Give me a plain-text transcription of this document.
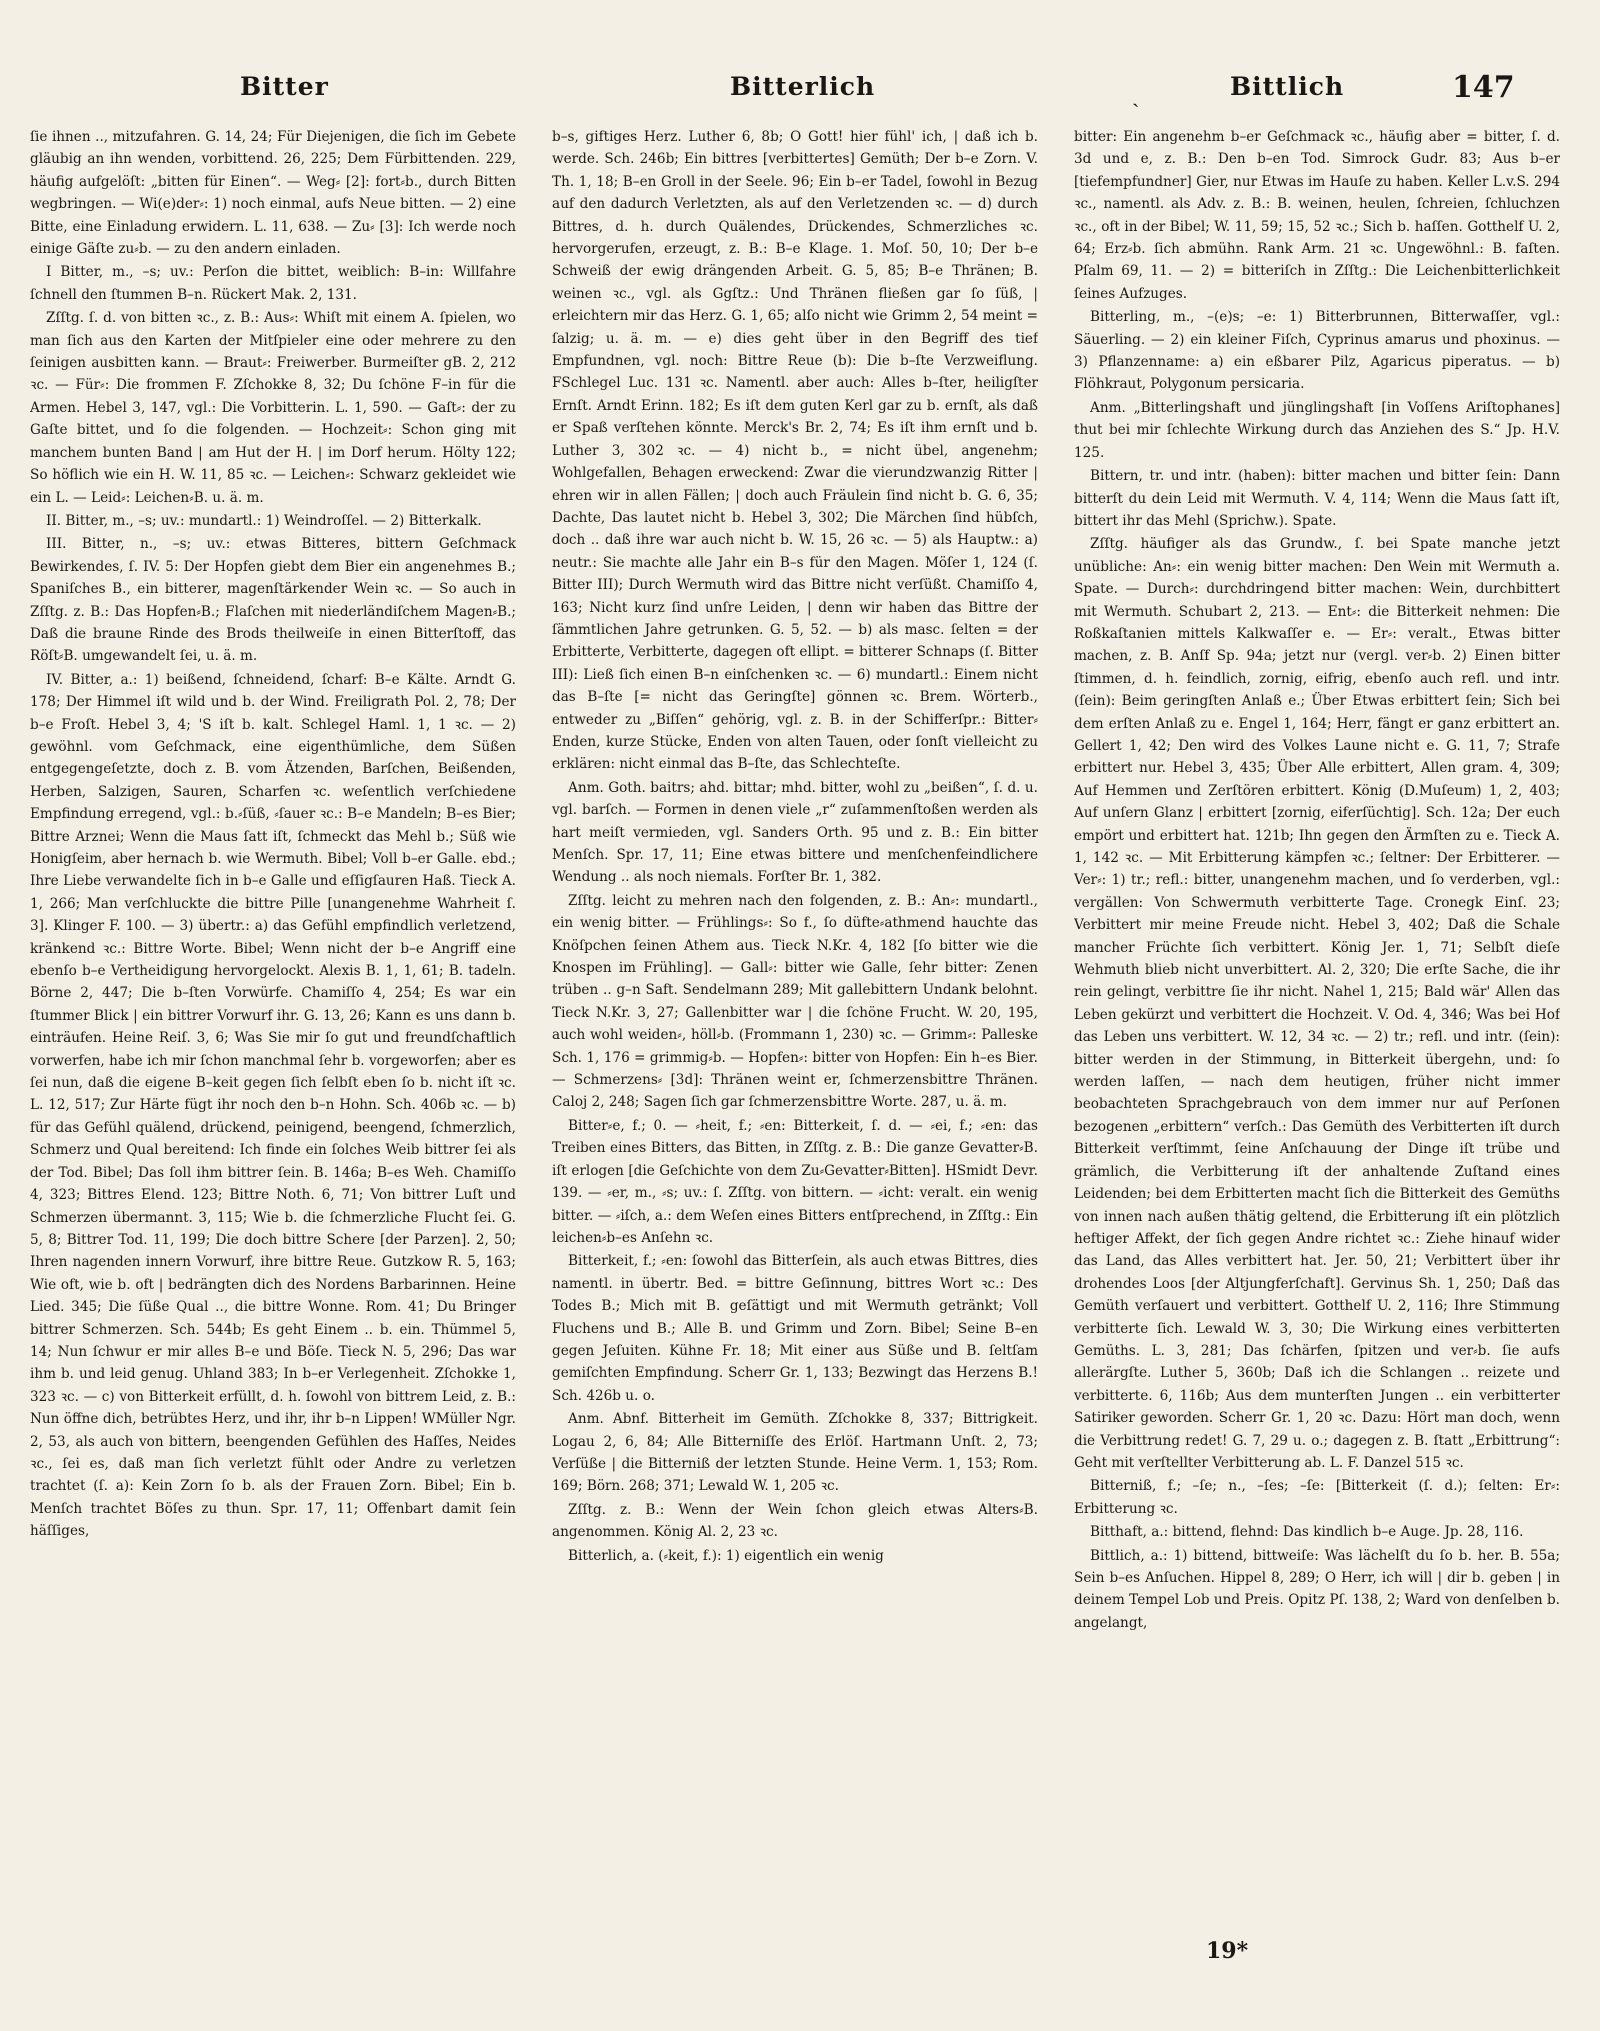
Bitter	Bitterlich	ˏ	Bittlich	147

ſie ihnen .., mitzufahren. G. 14, 24; Für Diejenigen, die ſich im Gebete gläubig an ihn wenden, vorbittend. 26, 225; Dem Fürbittenden. 229, häufig aufgelöſt: „bitten für Einen“. — Weg⸗ [2]: fort⸗b., durch Bitten wegbringen. — Wi(e)der⸗: 1) noch einmal, aufs Neue bitten. — 2) eine Bitte, eine Einladung erwidern. L. 11, 638. — Zu⸗ [3]: Ich werde noch einige Gäſte zu⸗b. — zu den andern einladen.

I Bitter, m., –s; uv.: Perſon die bittet, weiblich: B–in: Willfahre ſchnell den ſtummen B–n. Rückert Mak. 2, 131.

Zſſtg. ſ. d. von bitten ꝛc., z. B.: Aus⸗: Whiſt mit einem A. ſpielen, wo man ſich aus den Karten der Mitſpieler eine oder mehrere zu den ſeinigen ausbitten kann. — Braut⸗: Freiwerber. Burmeiſter gB. 2, 212 ꝛc. — Für⸗: Die frommen F. Zſchokke 8, 32; Du ſchöne F–in für die Armen. Hebel 3, 147, vgl.: Die Vorbitterin. L. 1, 590. — Gaſt⸗: der zu Gaſte bittet, und ſo die folgenden. — Hochzeit⸗: Schon ging mit manchem bunten Band | am Hut der H. | im Dorf herum. Hölty 122; So höflich wie ein H. W. 11, 85 ꝛc. — Leichen⸗: Schwarz gekleidet wie ein L. — Leid⸗: Leichen⸗B. u. ä. m.

II. Bitter, m., –s; uv.: mundartl.: 1) Weindroſſel. — 2) Bitterkalk.

III. Bitter, n., –s; uv.: etwas Bitteres, bittern Geſchmack Bewirkendes, ſ. IV. 5: Der Hopfen giebt dem Bier ein angenehmes B.; Spaniſches B., ein bitterer, magenſtärkender Wein ꝛc. — So auch in Zſſtg. z. B.: Das Hopfen⸗B.; Flaſchen mit niederländiſchem Magen⸗B.; Daß die braune Rinde des Brods theilweiſe in einen Bitterſtoff, das Röſt⸗B. umgewandelt ſei, u. ä. m.

IV. Bitter, a.: 1) beißend, ſchneidend, ſcharf: B–e Kälte. Arndt G. 178; Der Himmel iſt wild und b. der Wind. Freiligrath Pol. 2, 78; Der b–e Froſt. Hebel 3, 4; 'S iſt b. kalt. Schlegel Haml. 1, 1 ꝛc. — 2) gewöhnl. vom Geſchmack, eine eigenthümliche, dem Süßen entgegengeſetzte, doch z. B. vom Ätzenden, Barſchen, Beißenden, Herben, Salzigen, Sauren, Scharfen ꝛc. weſentlich verſchiedene Empfindung erregend, vgl.: b.⸗ſüß, ⸗ſauer ꝛc.: B–e Mandeln; B–es Bier; Bittre Arznei; Wenn die Maus ſatt iſt, ſchmeckt das Mehl b.; Süß wie Honigſeim, aber hernach b. wie Wermuth. Bibel; Voll b–er Galle. ebd.; Ihre Liebe verwandelte ſich in b–e Galle und eſſigſauren Haß. Tieck A. 1, 266; Man verſchluckte die bittre Pille [unangenehme Wahrheit ſ. 3]. Klinger F. 100. — 3) übertr.: a) das Gefühl empfindlich verletzend, kränkend ꝛc.: Bittre Worte. Bibel; Wenn nicht der b–e Angriff eine ebenſo b–e Vertheidigung hervorgelockt. Alexis B. 1, 1, 61; B. tadeln. Börne 2, 447; Die b–ſten Vorwürfe. Chamiſſo 4, 254; Es war ein ſtummer Blick | ein bittrer Vorwurf ihr. G. 13, 26; Kann es uns dann b. einträufen. Heine Reiſ. 3, 6; Was Sie mir ſo gut und freundſchaftlich vorwerfen, habe ich mir ſchon manchmal ſehr b. vorgeworfen; aber es ſei nun, daß die eigene B–keit gegen ſich ſelbſt eben ſo b. nicht iſt ꝛc. L. 12, 517; Zur Härte fügt ihr noch den b–n Hohn. Sch. 406b ꝛc. — b) für das Gefühl quälend, drückend, peinigend, beengend, ſchmerzlich, Schmerz und Qual bereitend: Ich finde ein ſolches Weib bittrer ſei als der Tod. Bibel; Das ſoll ihm bittrer ſein. B. 146a; B–es Weh. Chamiſſo 4, 323; Bittres Elend. 123; Bittre Noth. 6, 71; Von bittrer Luſt und Schmerzen übermannt. 3, 115; Wie b. die ſchmerzliche Flucht ſei. G. 5, 8; Bittrer Tod. 11, 199; Die doch bittre Schere [der Parzen]. 2, 50; Ihren nagenden innern Vorwurf, ihre bittre Reue. Gutzkow R. 5, 163; Wie oft, wie b. oft | bedrängten dich des Nordens Barbarinnen. Heine Lied. 345; Die ſüße Qual .., die bittre Wonne. Rom. 41; Du Bringer bittrer Schmerzen. Sch. 544b; Es geht Einem .. b. ein. Thümmel 5, 14; Nun ſchwur er mir alles B–e und Böſe. Tieck N. 5, 296; Das war ihm b. und leid genug. Uhland 383; In b–er Verlegenheit. Zſchokke 1, 323 ꝛc. — c) von Bitterkeit erfüllt, d. h. ſowohl von bittrem Leid, z. B.: Nun öffne dich, betrübtes Herz, und ihr, ihr b–n Lippen! WMüller Ngr. 2, 53, als auch von bittern, beengenden Gefühlen des Haſſes, Neides ꝛc., ſei es, daß man ſich verletzt fühlt oder Andre zu verletzen trachtet (ſ. a): Kein Zorn ſo b. als der Frauen Zorn. Bibel; Ein b. Menſch trachtet Böſes zu thun. Spr. 17, 11; Offenbart damit ſein häſſiges,

b–s, giftiges Herz. Luther 6, 8b; O Gott! hier fühl' ich, | daß ich b. werde. Sch. 246b; Ein bittres [verbittertes] Gemüth; Der b–e Zorn. V. Th. 1, 18; B–en Groll in der Seele. 96; Ein b–er Tadel, ſowohl in Bezug auf den dadurch Verletzten, als auf den Verletzenden ꝛc. — d) durch Bittres, d. h. durch Quälendes, Drückendes, Schmerzliches ꝛc. hervorgerufen, erzeugt, z. B.: B–e Klage. 1. Moſ. 50, 10; Der b–e Schweiß der ewig drängenden Arbeit. G. 5, 85; B–e Thränen; B. weinen ꝛc., vgl. als Ggſtz.: Und Thränen fließen gar ſo ſüß, | erleichtern mir das Herz. G. 1, 65; alſo nicht wie Grimm 2, 54 meint = ſalzig; u. ä. m. — e) dies geht über in den Begriff des tief Empfundnen, vgl. noch: Bittre Reue (b): Die b–ſte Verzweiflung. FSchlegel Luc. 131 ꝛc. Namentl. aber auch: Alles b–ſter, heiligſter Ernſt. Arndt Erinn. 182; Es iſt dem guten Kerl gar zu b. ernſt, als daß er Spaß verſtehen könnte. Merck's Br. 2, 74; Es iſt ihm ernſt und b. Luther 3, 302 ꝛc. — 4) nicht b., = nicht übel, angenehm; Wohlgefallen, Behagen erweckend: Zwar die vierundzwanzig Ritter | ehren wir in allen Fällen; | doch auch Fräulein ſind nicht b. G. 6, 35; Dachte, Das lautet nicht b. Hebel 3, 302; Die Märchen ſind hübſch, doch .. daß ihre war auch nicht b. W. 15, 26 ꝛc. — 5) als Hauptw.: a) neutr.: Sie machte alle Jahr ein B–s für den Magen. Möſer 1, 124 (ſ. Bitter III); Durch Wermuth wird das Bittre nicht verſüßt. Chamiſſo 4, 163; Nicht kurz ſind unſre Leiden, | denn wir haben das Bittre der ſämmtlichen Jahre getrunken. G. 5, 52. — b) als masc. ſelten = der Erbitterte, Verbitterte, dagegen oft ellipt. = bitterer Schnaps (ſ. Bitter III): Ließ ſich einen B–n einſchenken ꝛc. — 6) mundartl.: Einem nicht das B–ſte [= nicht das Geringſte] gönnen ꝛc. Brem. Wörterb., entweder zu „Biſſen“ gehörig, vgl. z. B. in der Schifferſpr.: Bitter⸗Enden, kurze Stücke, Enden von alten Tauen, oder ſonſt vielleicht zu erklären: nicht einmal das B–ſte, das Schlechteſte.

Anm. Goth. baitrs; ahd. bittar; mhd. bitter, wohl zu „beißen“, ſ. d. u. vgl. barſch. — Formen in denen viele „r“ zuſammenſtoßen werden als hart meiſt vermieden, vgl. Sanders Orth. 95 und z. B.: Ein bitter Menſch. Spr. 17, 11; Eine etwas bittere und menſchenfeindlichere Wendung .. als noch niemals. Forſter Br. 1, 382.

Zſſtg. leicht zu mehren nach den folgenden, z. B.: An⸗: mundartl., ein wenig bitter. — Frühlings⸗: So f., ſo düfte⸗athmend hauchte das Knöſpchen ſeinen Athem aus. Tieck N.Kr. 4, 182 [ſo bitter wie die Knospen im Frühling]. — Gall⸗: bitter wie Galle, ſehr bitter: Zenen trüben .. g–n Saft. Sendelmann 289; Mit gallebittern Undank belohnt. Tieck N.Kr. 3, 27; Gallenbitter war | die ſchöne Frucht. W. 20, 195, auch wohl weiden⸗, höll⸗b. (Frommann 1, 230) ꝛc. — Grimm⸗: Palleske Sch. 1, 176 = grimmig⸗b. — Hopfen⸗: bitter von Hopfen: Ein h–es Bier. — Schmerzens⸗ [3d]: Thränen weint er, ſchmerzensbittre Thränen. Caloj 2, 248; Sagen ſich gar ſchmerzensbittre Worte. 287, u. ä. m.

Bitter⸗e, f.; 0. — ⸗heit, f.; ⸗en: Bitterkeit, ſ. d. — ⸗ei, f.; ⸗en: das Treiben eines Bitters, das Bitten, in Zſſtg. z. B.: Die ganze Gevatter⸗B. iſt erlogen [die Geſchichte von dem Zu⸗Gevatter⸗Bitten]. HSmidt Devr. 139. — ⸗er, m., ⸗s; uv.: ſ. Zſſtg. von bittern. — ⸗icht: veralt. ein wenig bitter. — ⸗iſch, a.: dem Weſen eines Bitters entſprechend, in Zſſtg.: Ein leichen⸗b–es Anſehn ꝛc.

Bitterkeit, f.; ⸗en: ſowohl das Bitterſein, als auch etwas Bittres, dies namentl. in übertr. Bed. = bittre Geſinnung, bittres Wort ꝛc.: Des Todes B.; Mich mit B. geſättigt und mit Wermuth getränkt; Voll Fluchens und B.; Alle B. und Grimm und Zorn. Bibel; Seine B–en gegen Jeſuiten. Kühne Fr. 18; Mit einer aus Süße und B. ſeltſam gemiſchten Empfindung. Scherr Gr. 1, 133; Bezwingt das Herzens B.! Sch. 426b u. o.

Anm. Abnf. Bitterheit im Gemüth. Zſchokke 8, 337; Bittrigkeit. Logau 2, 6, 84; Alle Bitterniſſe des Erlöſ. Hartmann Unſt. 2, 73; Verſüße | die Bitterniß der letzten Stunde. Heine Verm. 1, 153; Rom. 169; Börn. 268; 371; Lewald W. 1, 205 ꝛc.

Zſſtg. z. B.: Wenn der Wein ſchon gleich etwas Alters⸗B. angenommen. König Al. 2, 23 ꝛc.

Bitterlich, a. (⸗keit, f.): 1) eigentlich ein wenig

bitter: Ein angenehm b–er Geſchmack ꝛc., häufig aber = bitter, ſ. d. 3d und e, z. B.: Den b–en Tod. Simrock Gudr. 83; Aus b–er [tiefempfundner] Gier, nur Etwas im Hauſe zu haben. Keller L.v.S. 294 ꝛc., namentl. als Adv. z. B.: B. weinen, heulen, ſchreien, ſchluchzen ꝛc., oft in der Bibel; W. 11, 59; 15, 52 ꝛc.; Sich b. haſſen. Gotthelf U. 2, 64; Erz⸗b. ſich abmühn. Rank Arm. 21 ꝛc. Ungewöhnl.: B. faſten. Pſalm 69, 11. — 2) = bitteriſch in Zſſtg.: Die Leichenbitterlichkeit ſeines Aufzuges.

Bitterling, m., –(e)s; –e: 1) Bitterbrunnen, Bitterwaſſer, vgl.: Säuerling. — 2) ein kleiner Fiſch, Cyprinus amarus und phoxinus. — 3) Pflanzenname: a) ein eßbarer Pilz, Agaricus piperatus. — b) Flöhkraut, Polygonum persicaria.

Anm. „Bitterlingshaft und jünglingshaft [in Voſſens Ariſtophanes] thut bei mir ſchlechte Wirkung durch das Anziehen des S.“ Jp. H.V. 125.

Bittern, tr. und intr. (haben): bitter machen und bitter ſein: Dann bitterſt du dein Leid mit Wermuth. V. 4, 114; Wenn die Maus ſatt iſt, bittert ihr das Mehl (Sprichw.). Spate.

Zſſtg. häufiger als das Grundw., ſ. bei Spate manche jetzt unübliche: An⸗: ein wenig bitter machen: Den Wein mit Wermuth a. Spate. — Durch⸗: durchdringend bitter machen: Wein, durchbittert mit Wermuth. Schubart 2, 213. — Ent⸗: die Bitterkeit nehmen: Die Roßkaſtanien mittels Kalkwaſſer e. — Er⸗: veralt., Etwas bitter machen, z. B. Anſf Sp. 94a; jetzt nur (vergl. ver⸗b. 2) Einen bitter ſtimmen, d. h. feindlich, zornig, eifrig, ebenſo auch refl. und intr. (ſein): Beim geringſten Anlaß e.; Über Etwas erbittert ſein; Sich bei dem erſten Anlaß zu e. Engel 1, 164; Herr, fängt er ganz erbittert an. Gellert 1, 42; Den wird des Volkes Laune nicht e. G. 11, 7; Strafe erbittert nur. Hebel 3, 435; Über Alle erbittert, Allen gram. 4, 309; Auf Hemmen und Zerſtören erbittert. König (D.Muſeum) 1, 2, 403; Auf unſern Glanz | erbittert [zornig, eiferſüchtig]. Sch. 12a; Der euch empört und erbittert hat. 121b; Ihn gegen den Ärmſten zu e. Tieck A. 1, 142 ꝛc. — Mit Erbitterung kämpfen ꝛc.; ſeltner: Der Erbitterer. — Ver⸗: 1) tr.; refl.: bitter, unangenehm machen, und ſo verderben, vgl.: vergällen: Von Schwermuth verbitterte Tage. Cronegk Einſ. 23; Verbittert mir meine Freude nicht. Hebel 3, 402; Daß die Schale mancher Früchte ſich verbittert. König Jer. 1, 71; Selbſt dieſe Wehmuth blieb nicht unverbittert. Al. 2, 320; Die erſte Sache, die ihr rein gelingt, verbittre ſie ihr nicht. Nahel 1, 215; Bald wär' Allen das Leben gekürzt und verbittert die Hochzeit. V. Od. 4, 346; Was bei Hof das Leben uns verbittert. W. 12, 34 ꝛc. — 2) tr.; refl. und intr. (ſein): bitter werden in der Stimmung, in Bitterkeit übergehn, und: ſo werden laſſen, — nach dem heutigen, früher nicht immer beobachteten Sprachgebrauch von dem immer nur auf Perſonen bezogenen „erbittern“ verſch.: Das Gemüth des Verbitterten iſt durch Bitterkeit verſtimmt, ſeine Anſchauung der Dinge iſt trübe und grämlich, die Verbitterung iſt der anhaltende Zuſtand eines Leidenden; bei dem Erbitterten macht ſich die Bitterkeit des Gemüths von innen nach außen thätig geltend, die Erbitterung iſt ein plötzlich heftiger Affekt, der ſich gegen Andre richtet ꝛc.: Ziehe hinauf wider das Land, das Alles verbittert hat. Jer. 50, 21; Verbittert über ihr drohendes Loos [der Altjungferſchaft]. Gervinus Sh. 1, 250; Daß das Gemüth verſauert und verbittert. Gotthelf U. 2, 116; Ihre Stimmung verbitterte ſich. Lewald W. 3, 30; Die Wirkung eines verbitterten Gemüths. L. 3, 281; Das ſchärfen, ſpitzen und ver⸗b. ſie aufs allerärgſte. Luther 5, 360b; Daß ich die Schlangen .. reizete und verbitterte. 6, 116b; Aus dem munterſten Jungen .. ein verbitterter Satiriker geworden. Scherr Gr. 1, 20 ꝛc. Dazu: Hört man doch, wenn die Verbittrung redet! G. 7, 29 u. o.; dagegen z. B. ſtatt „Erbittrung“: Geht mit verſtellter Verbitterung ab. L. F. Danzel 515 ꝛc.

Bitterniß, f.; –ſe; n., –ſes; –ſe: [Bitterkeit (ſ. d.); ſelten: Er⸗: Erbitterung ꝛc.

Bitthaft, a.: bittend, flehnd: Das kindlich b–e Auge. Jp. 28, 116.

Bittlich, a.: 1) bittend, bittweiſe: Was lächelſt du ſo b. her. B. 55a; Sein b–es Anſuchen. Hippel 8, 289; O Herr, ich will | dir b. geben | in deinem Tempel Lob und Preis. Opitz Pſ. 138, 2; Ward von denſelben b. angelangt,

19*
